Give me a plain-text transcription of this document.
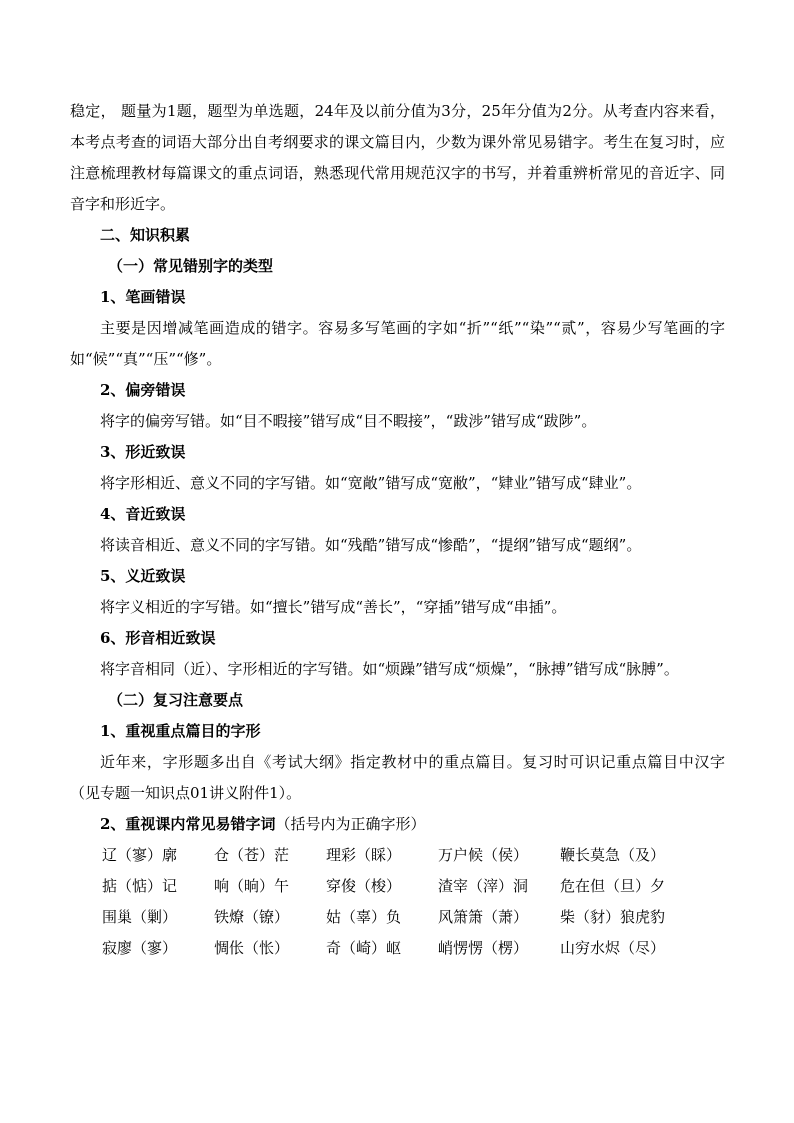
稳定， 题量为1题，题型为单选题，24年及以前分值为3分，25年分值为2分。从考查内容来看，本考点考查的词语大部分出自考纲要求的课文篇目内，少数为课外常见易错字。考生在复习时，应注意梳理教材每篇课文的重点词语，熟悉现代常用规范汉字的书写，并着重辨析常见的音近字、同音字和形近字。

二、知识积累

（一）常见错别字的类型

1、笔画错误

主要是因增减笔画造成的错字。容易多写笔画的字如“折”“纸”“染”“贰”，容易少写笔画的字如“候”“真”“压”“修”。

2、偏旁错误

将字的偏旁写错。如“目不暇接”错写成“目不睱接”，“跋涉”错写成“跋陟”。

3、形近致误

将字形相近、意义不同的字写错。如“宽敞”错写成“宽敝”，“肄业”错写成“肆业”。

4、音近致误

将读音相近、意义不同的字写错。如“残酷”错写成“惨酷”，“提纲”错写成“题纲”。

5、义近致误

将字义相近的字写错。如“擅长”错写成“善长”，“穿插”错写成“串插”。

6、形音相近致误

将字音相同（近）、字形相近的字写错。如“烦躁”错写成“烦燥”，“脉搏”错写成“脉膊”。

（二）复习注意要点

1、重视重点篇目的字形

近年来，字形题多出自《考试大纲》指定教材中的重点篇目。复习时可识记重点篇目中汉字（见专题一知识点01讲义附件1）。

2、重视课内常见易错字词（括号内为正确字形）

辽（寥）廓	仓（苍）茫	理彩（睬）	万户候（侯）	鞭长莫急（及）
掂（惦）记	响（晌）午	穿俊（梭）	渣宰（滓）洞	危在但（旦）夕
围巢（剿）	铁燎（镣）	姑（辜）负	风箫箫（萧）	柴（豺）狼虎豹
寂廖（寥）	惆伥（怅）	奇（崎）岖	峭愣愣（楞）	山穷水烬（尽）
